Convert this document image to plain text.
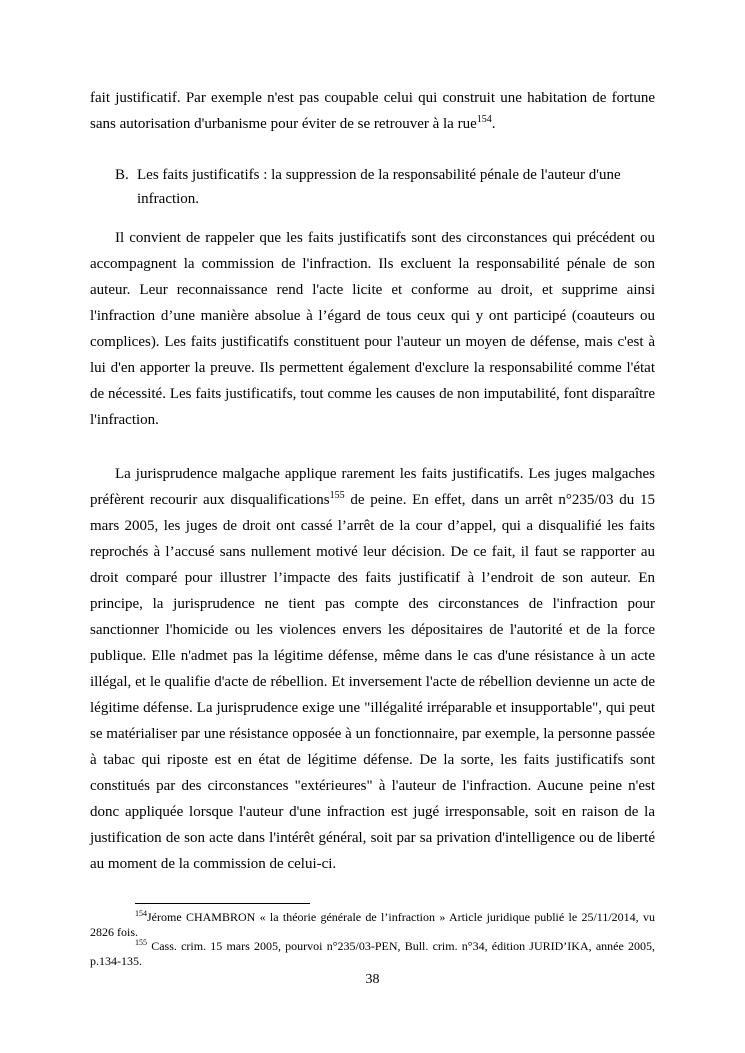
fait justificatif. Par exemple n'est pas coupable celui qui construit une habitation de fortune sans autorisation d'urbanisme pour éviter de se retrouver à la rue$^{154}$.

B. Les faits justificatifs : la suppression de la responsabilité pénale de l'auteur d'une infraction.

Il convient de rappeler que les faits justificatifs sont des circonstances qui précédent ou accompagnent la commission de l'infraction. Ils excluent la responsabilité pénale de son auteur. Leur reconnaissance rend l'acte licite et conforme au droit, et supprime ainsi l'infraction d’une manière absolue à l’égard de tous ceux qui y ont participé (coauteurs ou complices). Les faits justificatifs constituent pour l'auteur un moyen de défense, mais c'est à lui d'en apporter la preuve. Ils permettent également d'exclure la responsabilité comme l'état de nécessité. Les faits justificatifs, tout comme les causes de non imputabilité, font disparaître l'infraction.

La jurisprudence malgache applique rarement les faits justificatifs. Les juges malgaches préfèrent recourir aux disqualifications$^{155}$ de peine. En effet, dans un arrêt n°235/03 du 15 mars 2005, les juges de droit ont cassé l’arrêt de la cour d’appel, qui a disqualifié les faits reprochés à l’accusé sans nullement motivé leur décision. De ce fait, il faut se rapporter au droit comparé pour illustrer l’impacte des faits justificatif à l’endroit de son auteur. En principe, la jurisprudence ne tient pas compte des circonstances de l'infraction pour sanctionner l'homicide ou les violences envers les dépositaires de l'autorité et de la force publique. Elle n'admet pas la légitime défense, même dans le cas d'une résistance à un acte illégal, et le qualifie d'acte de rébellion. Et inversement l'acte de rébellion devienne un acte de légitime défense. La jurisprudence exige une "illégalité irréparable et insupportable", qui peut se matérialiser par une résistance opposée à un fonctionnaire, par exemple, la personne passée à tabac qui riposte est en état de légitime défense. De la sorte, les faits justificatifs sont constitués par des circonstances "extérieures" à l'auteur de l'infraction. Aucune peine n'est donc appliquée lorsque l'auteur d'une infraction est jugé irresponsable, soit en raison de la justification de son acte dans l'intérêt général, soit par sa privation d'intelligence ou de liberté au moment de la commission de celui-ci.

$^{154}$Jérome CHAMBRON « la théorie générale de l’infraction » Article juridique publié le 25/11/2014, vu 2826 fois.

$^{155}$ Cass. crim. 15 mars 2005, pourvoi n°235/03-PEN, Bull. crim. n°34, édition JURID’IKA, année 2005, p.134-135.

38
